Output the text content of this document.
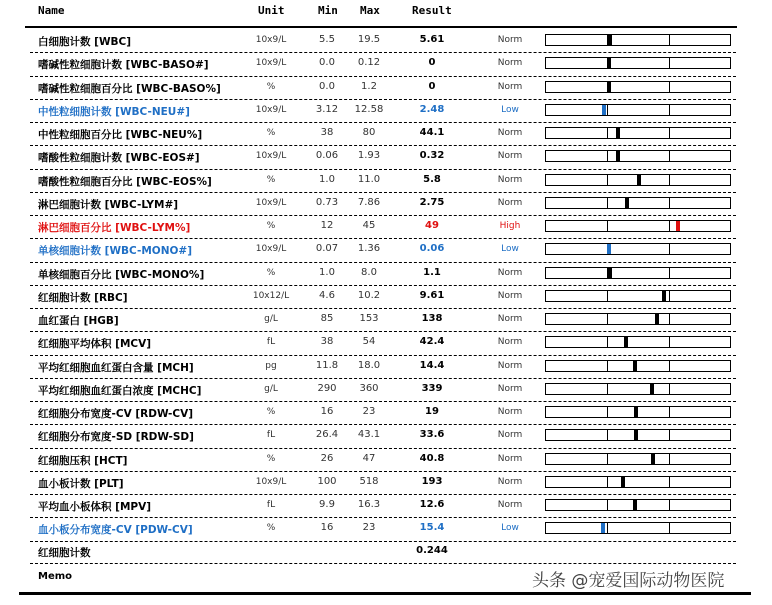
Name	Unit	Min Max	Result
白细胞计数 [WBC]	10x9/L	5.5	19.5	5.61	Norm
嗜碱性粒细胞计数 [WBC-BASO#]	10x9/L	0.0	0.12	0	Norm
嗜碱性粒细胞百分比 [WBC-BASO%]	%	0.0	1.2	0	Norm
中性粒细胞计数 [WBC-NEU#]	10x9/L	3.12	12.58	2.48	Low
中性粒细胞百分比 [WBC-NEU%]	%	38	80	44.1	Norm
嗜酸性粒细胞计数 [WBC-EOS#]	10x9/L	0.06	1.93	0.32	Norm
嗜酸性粒细胞百分比 [WBC-EOS%]	%	1.0	11.0	5.8	Norm
淋巴细胞计数 [WBC-LYM#]	10x9/L	0.73	7.86	2.75	Norm
淋巴细胞百分比 [WBC-LYM%]	%	12	45	49	High
单核细胞计数 [WBC-MONO#]	10x9/L	0.07	1.36	0.06	Low
单核细胞百分比 [WBC-MONO%]	%	1.0	8.0	1.1	Norm
红细胞计数 [RBC]	10x12/L	4.6	10.2	9.61	Norm
血红蛋白 [HGB]	g/L	85	153	138	Norm
红细胞平均体积 [MCV]	fL	38	54	42.4	Norm
平均红细胞血红蛋白含量 [MCH]	pg	11.8	18.0	14.4	Norm
平均红细胞血红蛋白浓度 [MCHC]	g/L	290	360	339	Norm
红细胞分布宽度-CV [RDW-CV]	%	16	23	19	Norm
红细胞分布宽度-SD [RDW-SD]	fL	26.4	43.1	33.6	Norm
红细胞压积 [HCT]	%	26	47	40.8	Norm
血小板计数 [PLT]	10x9/L	100	518	193	Norm
平均血小板体积 [MPV]	fL	9.9	16.3	12.6	Norm
血小板分布宽度-CV [PDW-CV]	%	16	23	15.4	Low
红细胞计数	0.244
Memo	头条 @宠爱国际动物医院
